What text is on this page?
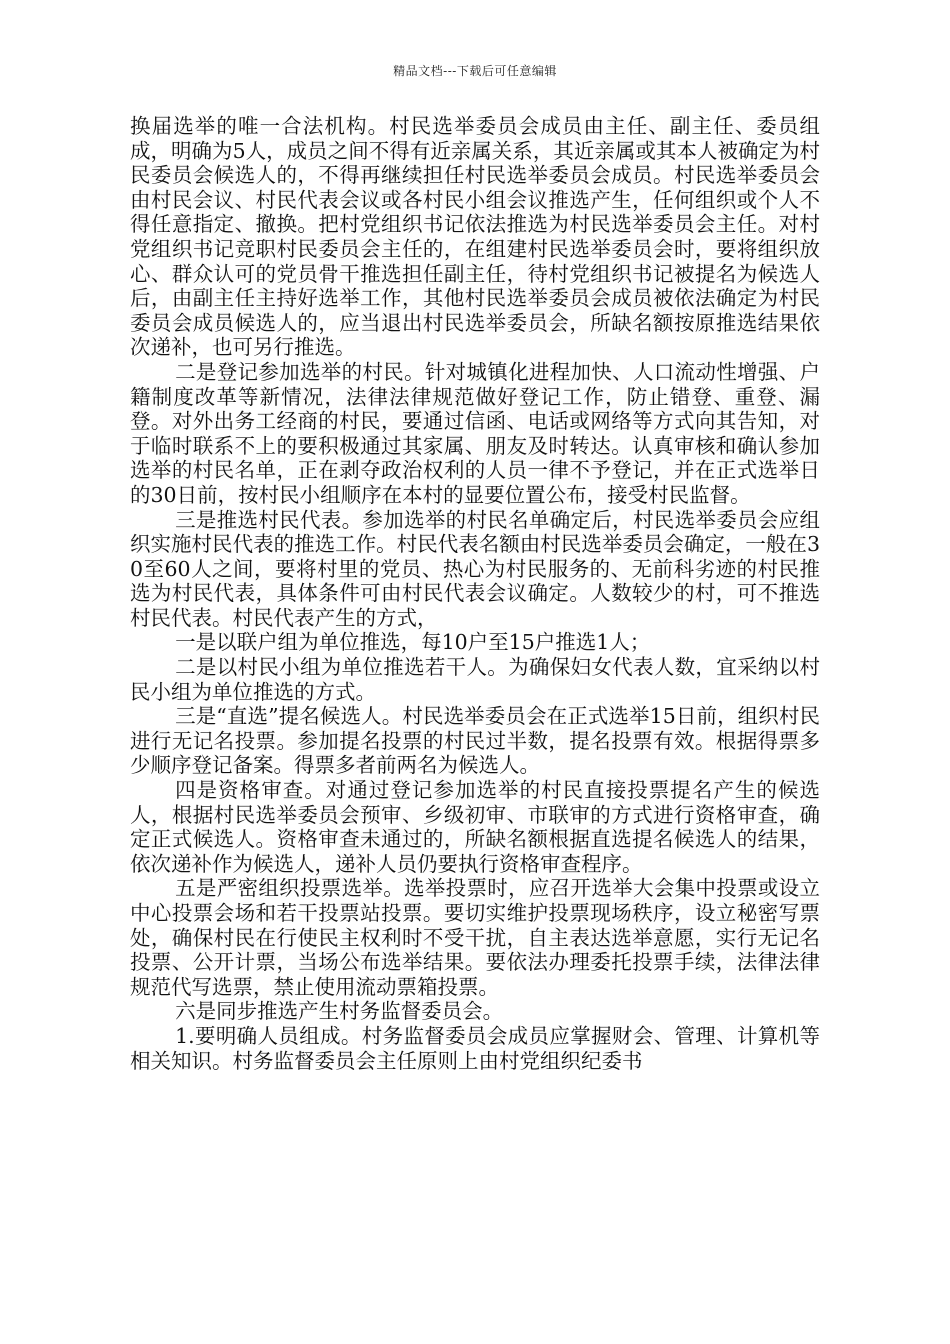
精品文档---下载后可任意编辑

换届选举的唯一合法机构。村民选举委员会成员由主任、副主任、委员组成，明确为5人，成员之间不得有近亲属关系，其近亲属或其本人被确定为村民委员会候选人的，不得再继续担任村民选举委员会成员。村民选举委员会由村民会议、村民代表会议或各村民小组会议推选产生，任何组织或个人不得任意指定、撤换。把村党组织书记依法推选为村民选举委员会主任。对村党组织书记竞职村民委员会主任的，在组建村民选举委员会时，要将组织放心、群众认可的党员骨干推选担任副主任，待村党组织书记被提名为候选人后，由副主任主持好选举工作，其他村民选举委员会成员被依法确定为村民委员会成员候选人的，应当退出村民选举委员会，所缺名额按原推选结果依次递补，也可另行推选。

二是登记参加选举的村民。针对城镇化进程加快、人口流动性增强、户籍制度改革等新情况，法律法律规范做好登记工作，防止错登、重登、漏登。对外出务工经商的村民，要通过信函、电话或网络等方式向其告知，对于临时联系不上的要积极通过其家属、朋友及时转达。认真审核和确认参加选举的村民名单，正在剥夺政治权利的人员一律不予登记，并在正式选举日的30日前，按村民小组顺序在本村的显要位置公布，接受村民监督。

三是推选村民代表。参加选举的村民名单确定后，村民选举委员会应组织实施村民代表的推选工作。村民代表名额由村民选举委员会确定，一般在30至60人之间，要将村里的党员、热心为村民服务的、无前科劣迹的村民推选为村民代表，具体条件可由村民代表会议确定。人数较少的村，可不推选村民代表。村民代表产生的方式，

一是以联户组为单位推选，每10户至15户推选1人；

二是以村民小组为单位推选若干人。为确保妇女代表人数，宜采纳以村民小组为单位推选的方式。

三是“直选”提名候选人。村民选举委员会在正式选举15日前，组织村民进行无记名投票。参加提名投票的村民过半数，提名投票有效。根据得票多少顺序登记备案。得票多者前两名为候选人。

四是资格审查。对通过登记参加选举的村民直接投票提名产生的候选人，根据村民选举委员会预审、乡级初审、市联审的方式进行资格审查，确定正式候选人。资格审查未通过的，所缺名额根据直选提名候选人的结果，依次递补作为候选人，递补人员仍要执行资格审查程序。

五是严密组织投票选举。选举投票时，应召开选举大会集中投票或设立中心投票会场和若干投票站投票。要切实维护投票现场秩序，设立秘密写票处，确保村民在行使民主权利时不受干扰，自主表达选举意愿，实行无记名投票、公开计票，当场公布选举结果。要依法办理委托投票手续，法律法律规范代写选票，禁止使用流动票箱投票。

六是同步推选产生村务监督委员会。

1.要明确人员组成。村务监督委员会成员应掌握财会、管理、计算机等相关知识。村务监督委员会主任原则上由村党组织纪委书
